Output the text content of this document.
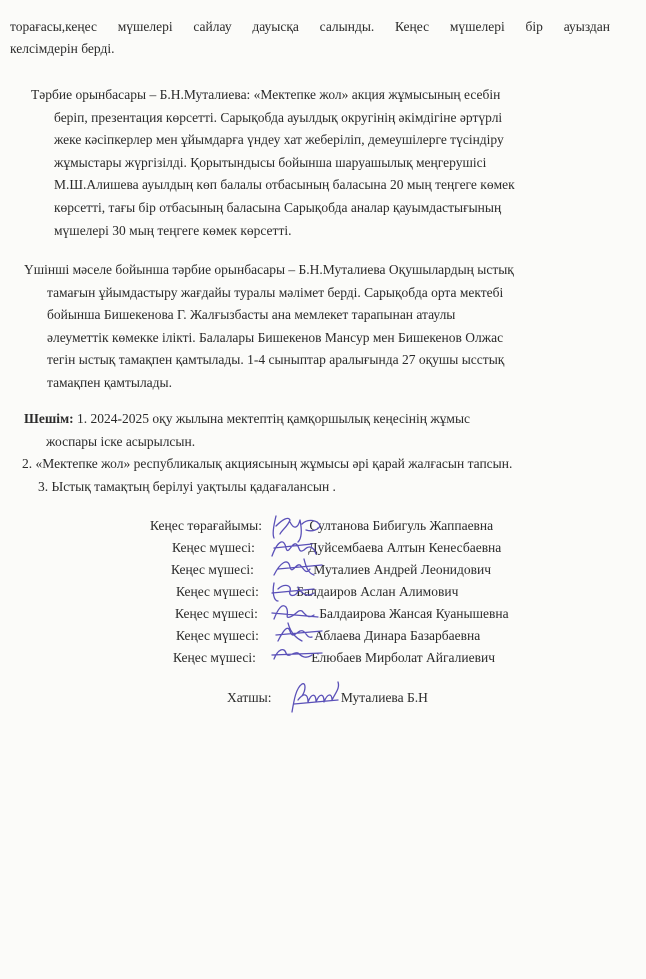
торағасы,кеңес мүшелері сайлау дауысқа салынды. Кеңес мүшелері бір ауыздан
келсімдерін берді.
Тәрбие орынбасары – Б.Н.Муталиева: «Мектепке жол» акция жұмысының есебін
беріп, презентация көрсетті. Сарықобда ауылдық округiнiң әкiмдiгiне әртүрлі
жеке кәсіпкерлер мен ұйымдарға үндеу хат жеберіліп, демеушілерге түсіндіру
жұмыстары жүргізілді. Қорытындысы бойынша шаруашылық меңгерушісі
М.Ш.Алишева ауылдың көп балалы отбасының баласына 20 мың теңгеге көмек
көрсетті, тағы бір отбасының баласына Сарықобда аналар қауымдастығының
мүшелері 30 мың теңгеге көмек көрсетті.
Үшінші мәселе бойынша тәрбие орынбасары – Б.Н.Муталиева Оқушылардың ыстық
тамағын ұйымдастыру жағдайы туралы мәлімет берді. Сарықобда орта мектебі
бойынша Бишекенова Г. Жалғызбасты ана мемлекет тарапынан атаулы
әлеуметтік көмекке ілікті. Балалары Бишекенов Мансур мен Бишекенов Олжас
тегін ыстық тамақпен қамтылады. 1-4 сыныптар аралығында 27 оқушы ысстық
тамақпен қамтылады.
Шешім: 1. 2024-2025 оқу жылына мектептің қамқоршылық кеңесінің жұмыс
жоспары іске асырылсын.
2. «Мектепке жол» республикалық акциясының жұмысы әрі қарай жалғасын тапсын.
3. Ыстық тамақтың берілуі уақтылы қадағалансын .
Кеңес төрағайымы:	Султанова Бибигуль Жаппаевна
Кеңес мүшесі:	Дуйсембаева Алтын Кенесбаевна
Кеңес мүшесі:	Муталиев Андрей Леонидович
Кеңес мүшесі:	Балдаиров Аслан Алимович
Кеңес мүшесі:	Балдаирова Жансая Куанышевна
Кеңес мүшесі:	Аблаева Динара Базарбаевна
Кеңес мүшесі:	Елюбаев Мирболат Айгалиевич
Хатшы:	Муталиева Б.Н
